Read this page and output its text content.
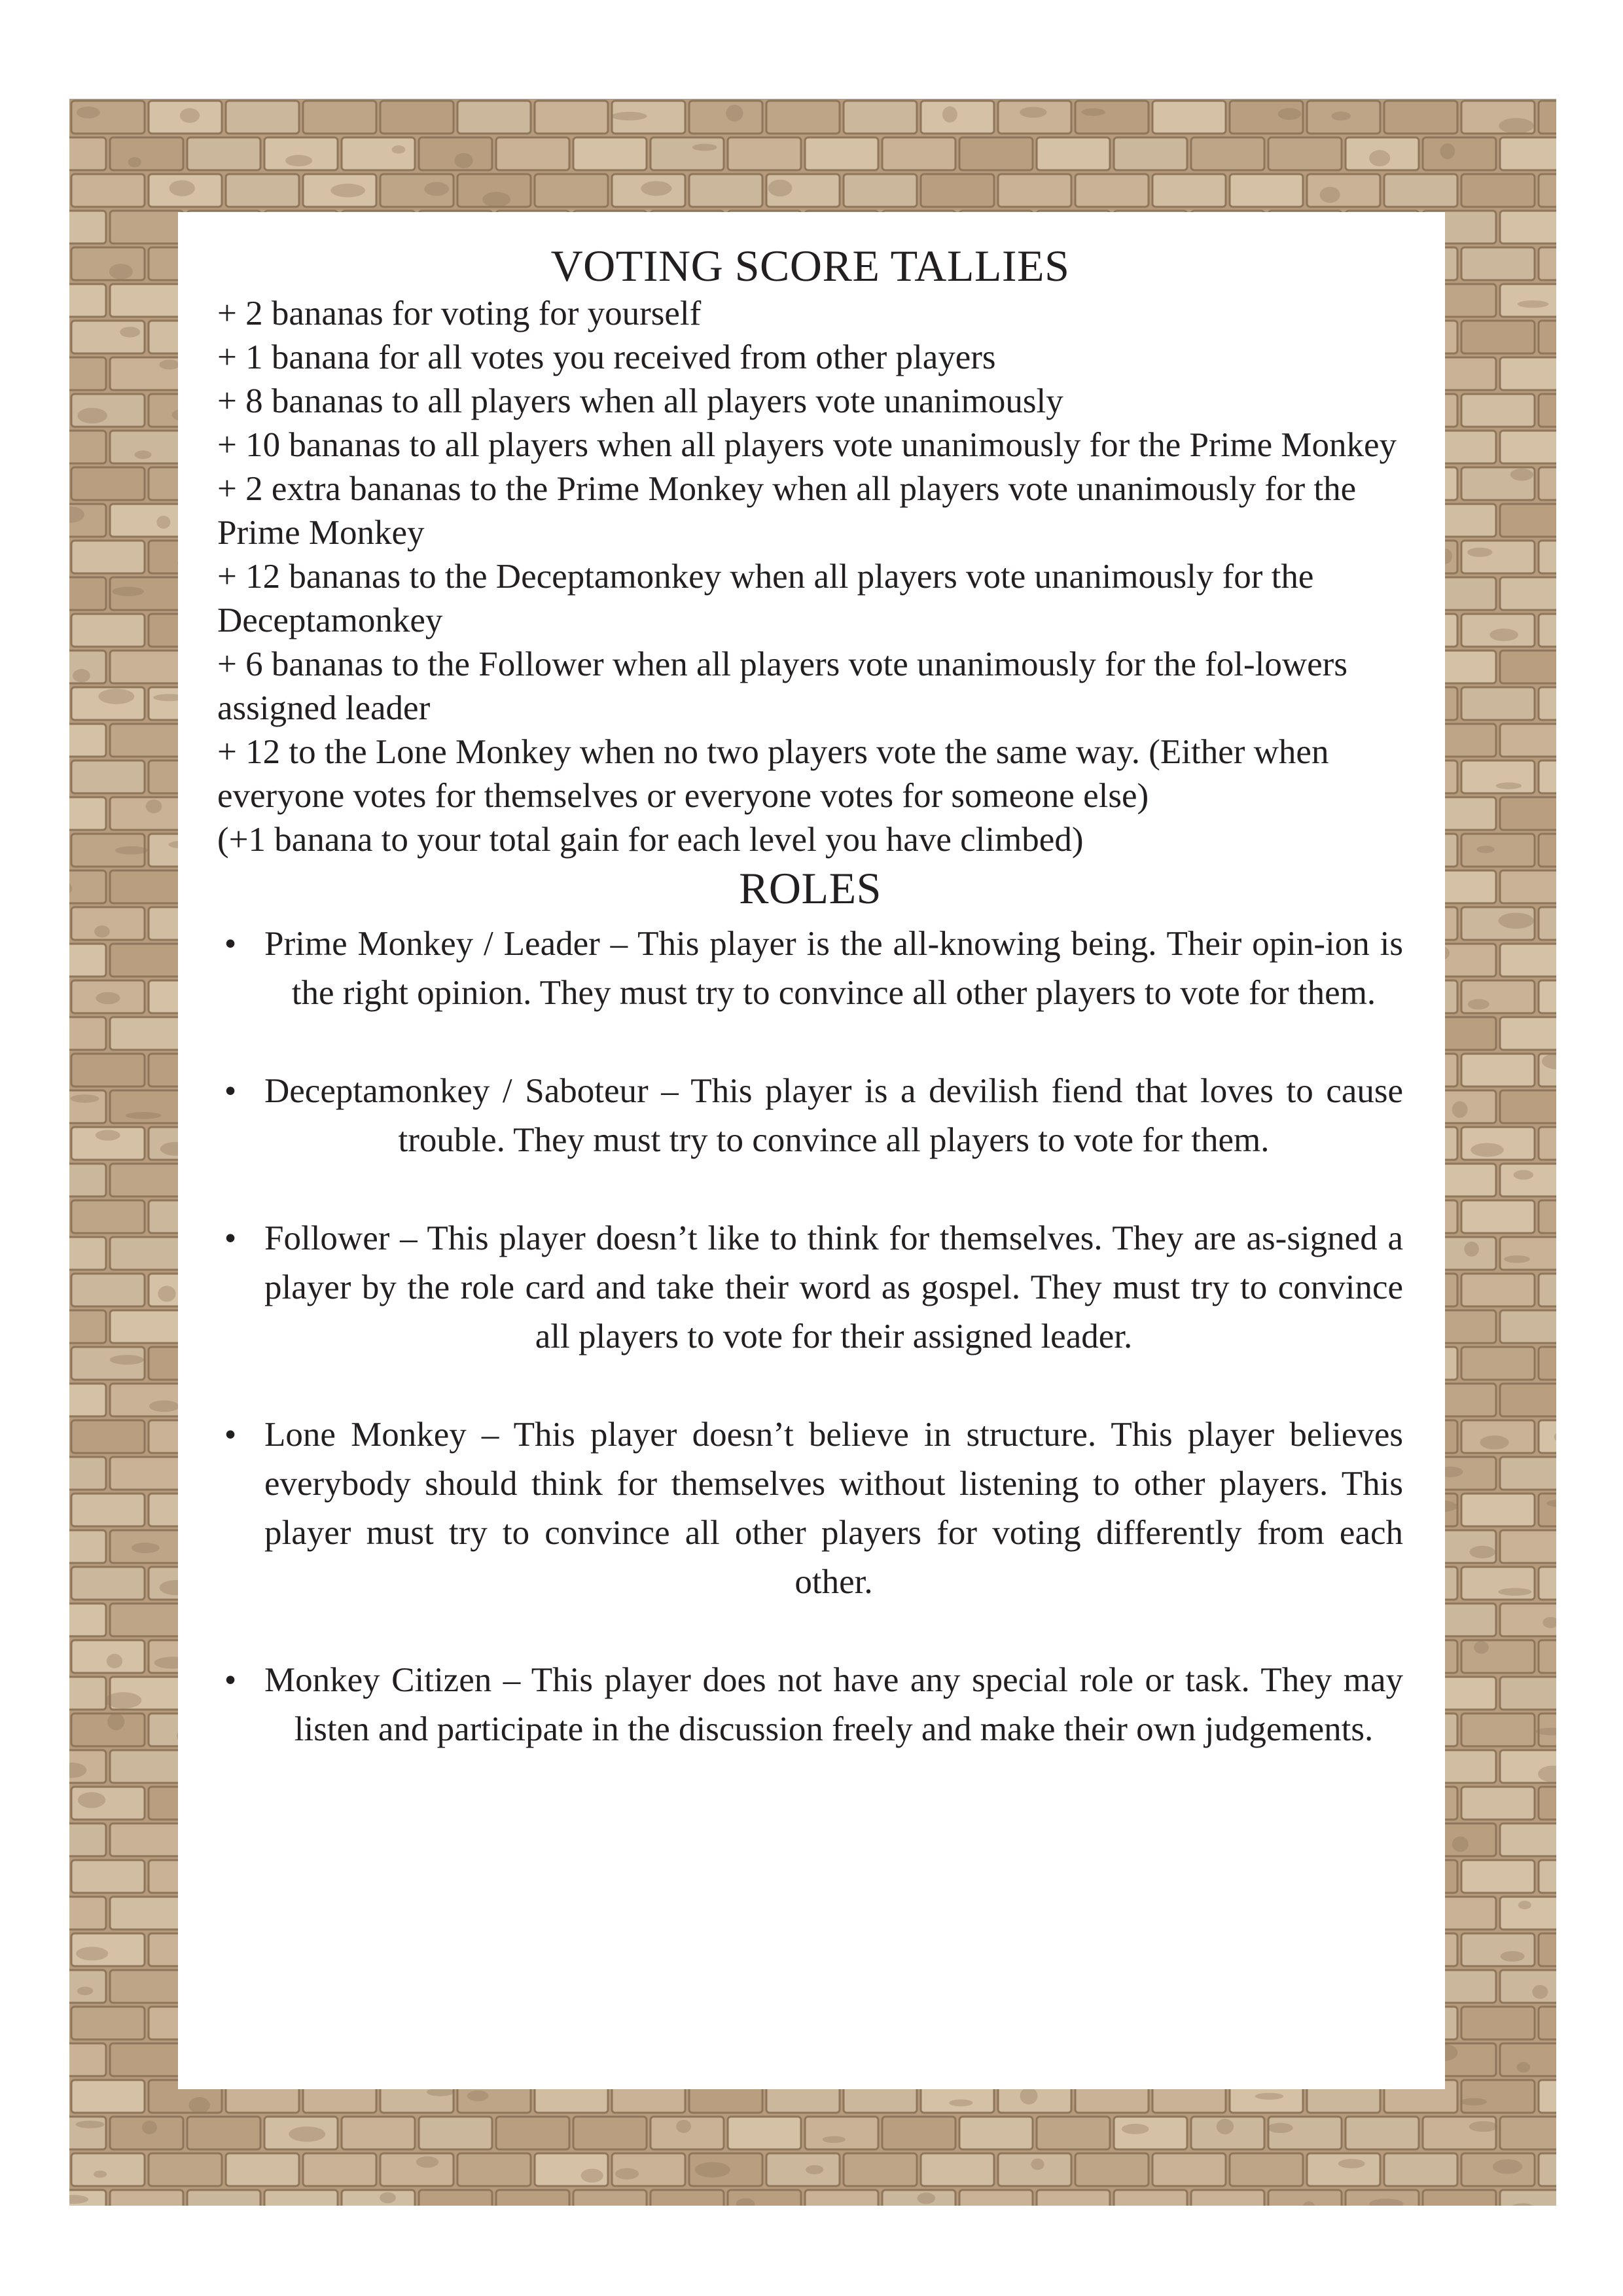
VOTING SCORE TALLIES
+ 2 bananas for voting for yourself
+ 1 banana for all votes you received from other players
+ 8 bananas to all players when all players vote unanimously
+ 10 bananas to all players when all players vote unanimously for the Prime Monkey
+ 2 extra bananas to the Prime Monkey when all players vote unanimously for the Prime Monkey
+ 12 bananas to the Deceptamonkey when all players vote unanimously for the Deceptamonkey
+ 6 bananas to the Follower when all players vote unanimously for the fol-lowers assigned leader
+ 12 to the Lone Monkey when no two players vote the same way. (Either when everyone votes for themselves or everyone votes for someone else)
(+1 banana to your total gain for each level you have climbed)
ROLES
• Prime Monkey / Leader – This player is the all-knowing being. Their opin-ion is the right opinion. They must try to convince all other players to vote for them.
• Deceptamonkey / Saboteur – This player is a devilish fiend that loves to cause trouble. They must try to convince all players to vote for them.
• Follower – This player doesn’t like to think for themselves. They are as-signed a player by the role card and take their word as gospel. They must try to convince all players to vote for their assigned leader.
• Lone Monkey – This player doesn’t believe in structure. This player believes everybody should think for themselves without listening to other players. This player must try to convince all other players for voting differently from each other.
• Monkey Citizen – This player does not have any special role or task. They may listen and participate in the discussion freely and make their own judgements.
